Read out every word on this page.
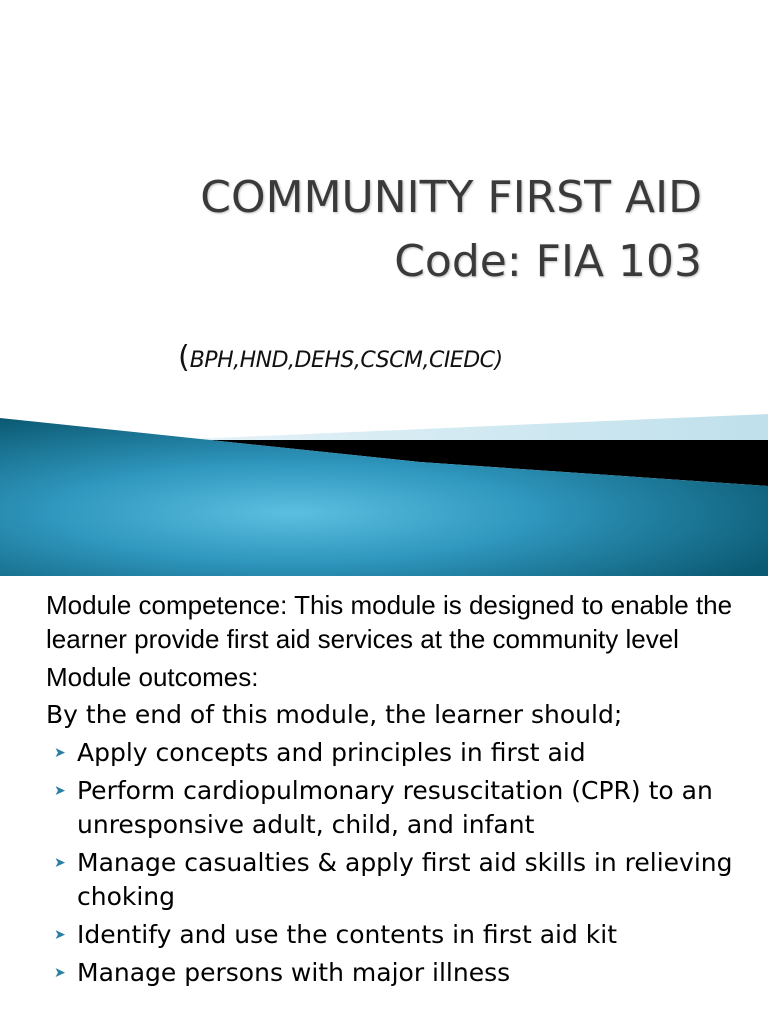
COMMUNITY FIRST AID
Code: FIA 103
(BPH,HND,DEHS,CSCM,CIEDC)

Module competence: This module is designed to enable the learner provide first aid services at the community level

Module outcomes:

By the end of this module, the learner should;

➤ Apply concepts and principles in first aid
➤ Perform cardiopulmonary resuscitation (CPR) to an unresponsive adult, child, and infant
➤ Manage casualties & apply first aid skills in relieving choking
➤ Identify and use the contents in first aid kit
➤ Manage persons with major illness
